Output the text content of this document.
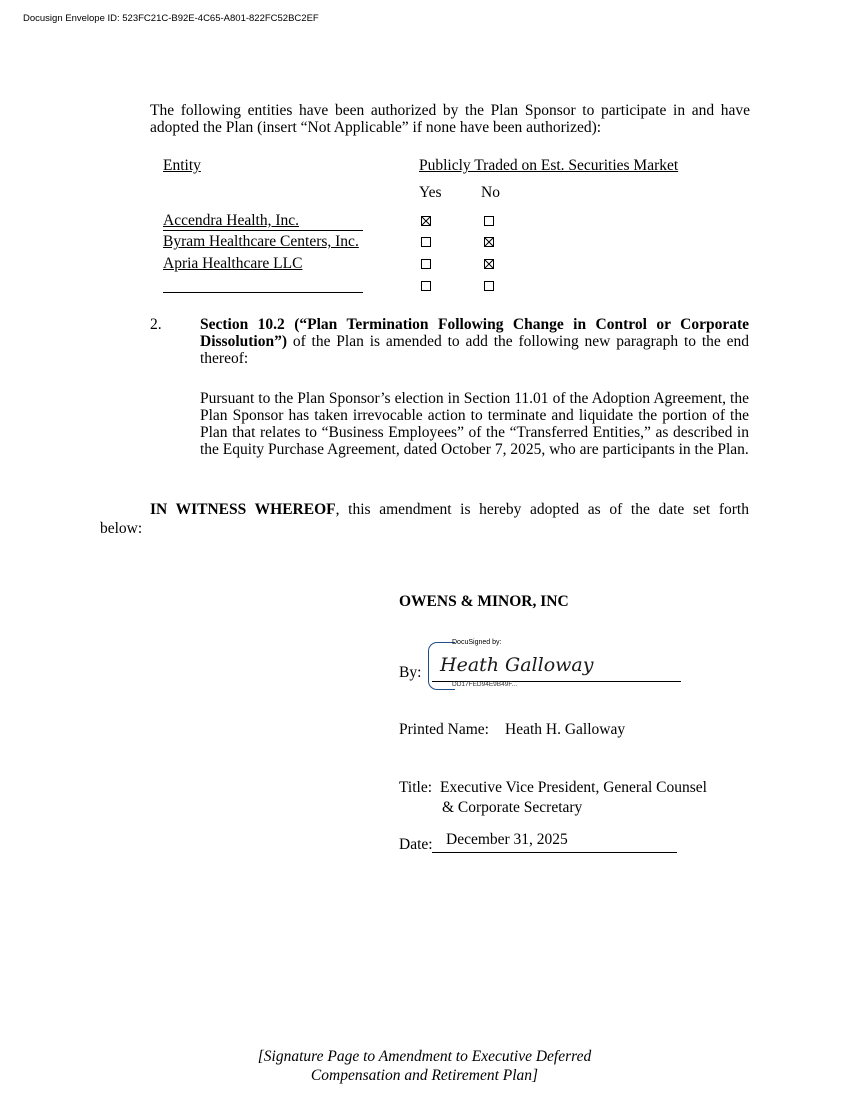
Docusign Envelope ID: 523FC21C-B92E-4C65-A801-822FC52BC2EF
The following entities have been authorized by the Plan Sponsor to participate in and have adopted the Plan (insert “Not Applicable” if none have been authorized):
Entity	Publicly Traded on Est. Securities Market
Yes	No
Accendra Health, Inc.
Byram Healthcare Centers, Inc.
Apria Healthcare LLC
2. Section 10.2 (“Plan Termination Following Change in Control or Corporate Dissolution”) of the Plan is amended to add the following new paragraph to the end thereof:
Pursuant to the Plan Sponsor’s election in Section 11.01 of the Adoption Agreement, the Plan Sponsor has taken irrevocable action to terminate and liquidate the portion of the Plan that relates to “Business Employees” of the “Transferred Entities,” as described in the Equity Purchase Agreement, dated October 7, 2025, who are participants in the Plan.
IN WITNESS WHEREOF, this amendment is hereby adopted as of the date set forth
below:
OWENS & MINOR, INC
DocuSigned by:
By: Heath Galloway
DD17FED94E9B49F...
Printed Name: Heath H. Galloway
Title: Executive Vice President, General Counsel
& Corporate Secretary
Date: December 31, 2025
[Signature Page to Amendment to Executive Deferred
Compensation and Retirement Plan]
